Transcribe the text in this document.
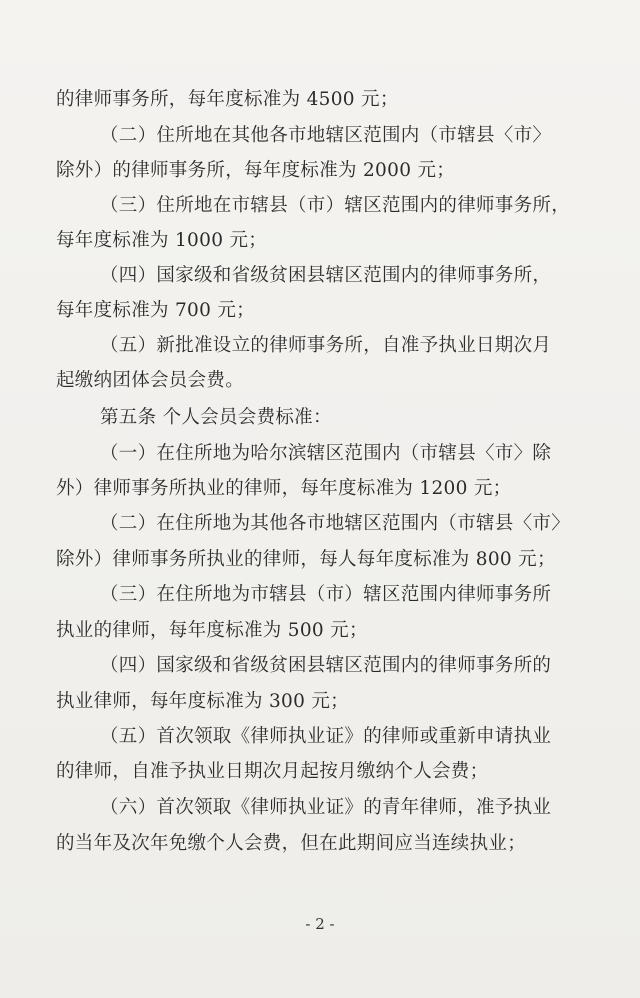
的律师事务所，每年度标准为 4500 元；
（二）住所地在其他各市地辖区范围内（市辖县〈市〉
除外）的律师事务所，每年度标准为 2000 元；
（三）住所地在市辖县（市）辖区范围内的律师事务所，
每年度标准为 1000 元；
（四）国家级和省级贫困县辖区范围内的律师事务所，
每年度标准为 700 元；
（五）新批准设立的律师事务所，自准予执业日期次月
起缴纳团体会员会费。
第五条 个人会员会费标准：
（一）在住所地为哈尔滨辖区范围内（市辖县〈市〉除
外）律师事务所执业的律师，每年度标准为 1200 元；
（二）在住所地为其他各市地辖区范围内（市辖县〈市〉
除外）律师事务所执业的律师，每人每年度标准为 800 元；
（三）在住所地为市辖县（市）辖区范围内律师事务所
执业的律师，每年度标准为 500 元；
（四）国家级和省级贫困县辖区范围内的律师事务所的
执业律师，每年度标准为 300 元；
（五）首次领取《律师执业证》的律师或重新申请执业
的律师，自准予执业日期次月起按月缴纳个人会费；
（六）首次领取《律师执业证》的青年律师，准予执业
的当年及次年免缴个人会费，但在此期间应当连续执业；
- 2 -
